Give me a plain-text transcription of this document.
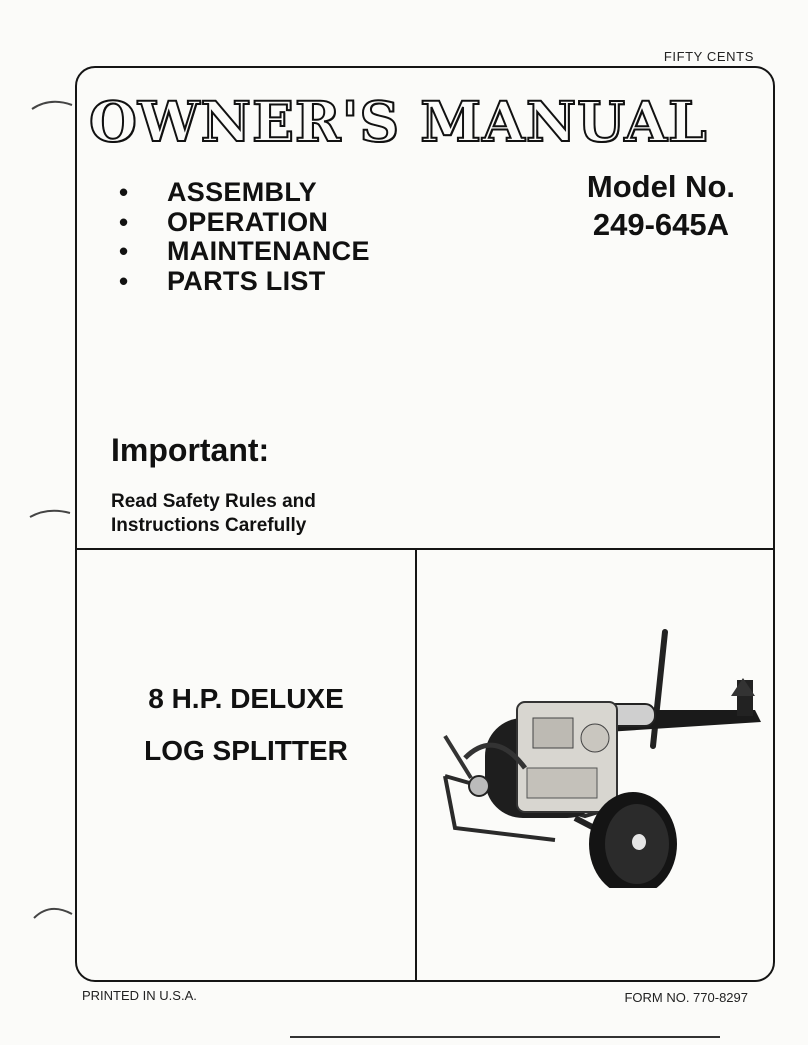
FIFTY CENTS
OWNER'S MANUAL
• ASSEMBLY
• OPERATION
• MAINTENANCE
• PARTS LIST
Model No.
249-645A
Important:
Read Safety Rules and
Instructions Carefully
8 H.P. DELUXE
LOG SPLITTER
PRINTED IN U.S.A.	FORM NO. 770-8297
